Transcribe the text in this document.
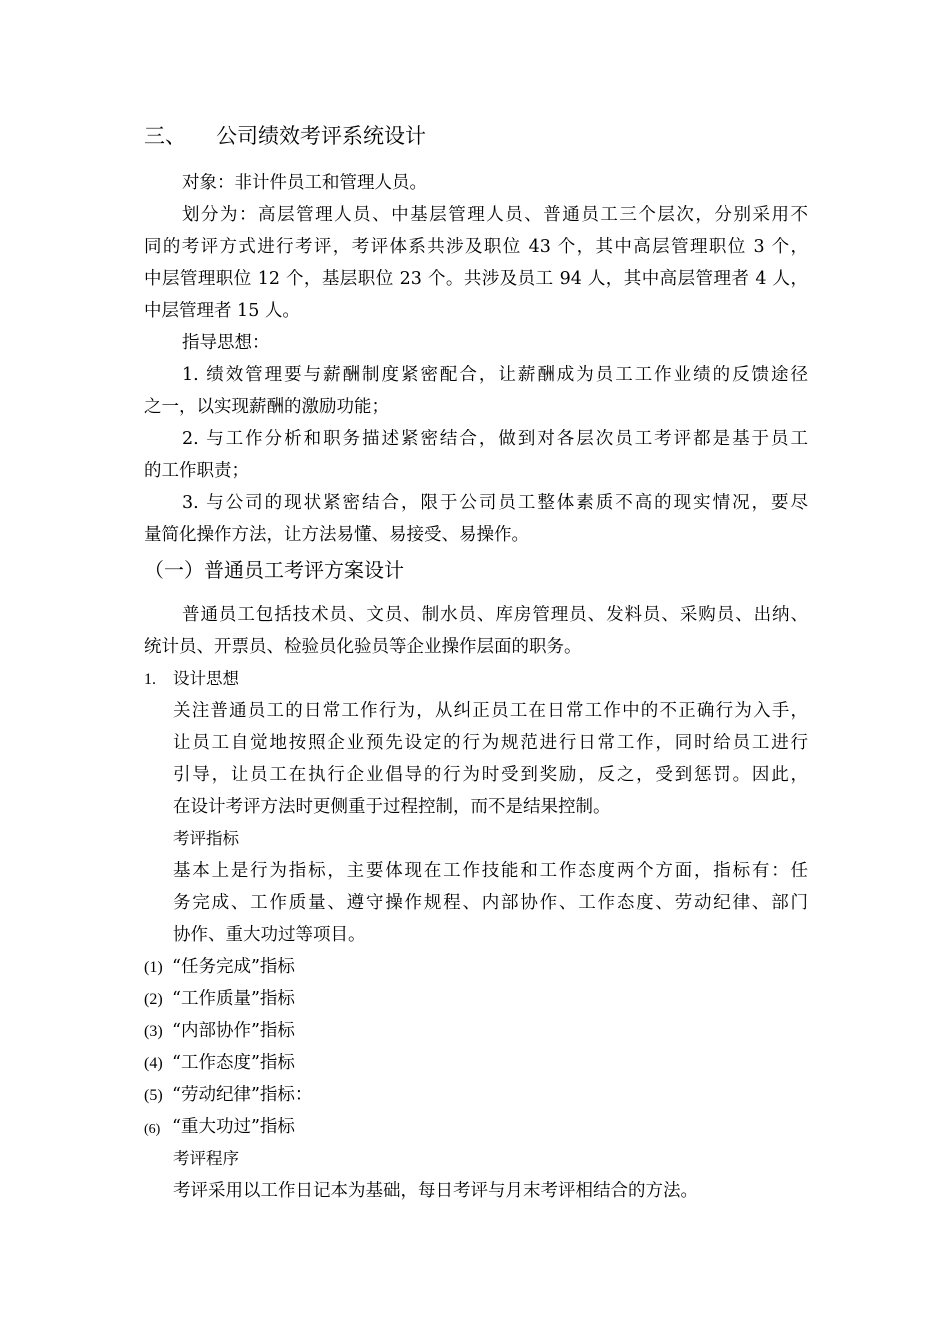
三、 公司绩效考评系统设计
对象：非计件员工和管理人员。
划分为：高层管理人员、中基层管理人员、普通员工三个层次，分别采用不
同的考评方式进行考评，考评体系共涉及职位 43 个，其中高层管理职位 3 个，
中层管理职位 12 个，基层职位 23 个。共涉及员工 94 人，其中高层管理者 4 人，
中层管理者 15 人。
指导思想：
1. 绩效管理要与薪酬制度紧密配合，让薪酬成为员工工作业绩的反馈途径
之一，以实现薪酬的激励功能；
2. 与工作分析和职务描述紧密结合，做到对各层次员工考评都是基于员工
的工作职责；
3. 与公司的现状紧密结合，限于公司员工整体素质不高的现实情况，要尽
量简化操作方法，让方法易懂、易接受、易操作。
（一）普通员工考评方案设计
普通员工包括技术员、文员、制水员、库房管理员、发料员、采购员、出纳、
统计员、开票员、检验员化验员等企业操作层面的职务。
1. 设计思想
关注普通员工的日常工作行为，从纠正员工在日常工作中的不正确行为入手，
让员工自觉地按照企业预先设定的行为规范进行日常工作，同时给员工进行
引导，让员工在执行企业倡导的行为时受到奖励，反之，受到惩罚。因此，
在设计考评方法时更侧重于过程控制，而不是结果控制。
考评指标
基本上是行为指标，主要体现在工作技能和工作态度两个方面，指标有：任
务完成、工作质量、遵守操作规程、内部协作、工作态度、劳动纪律、部门
协作、重大功过等项目。
(1) “任务完成”指标
(2) “工作质量”指标
(3) “内部协作”指标
(4) “工作态度”指标
(5) “劳动纪律”指标：
(6) “重大功过”指标
考评程序
考评采用以工作日记本为基础，每日考评与月末考评相结合的方法。
